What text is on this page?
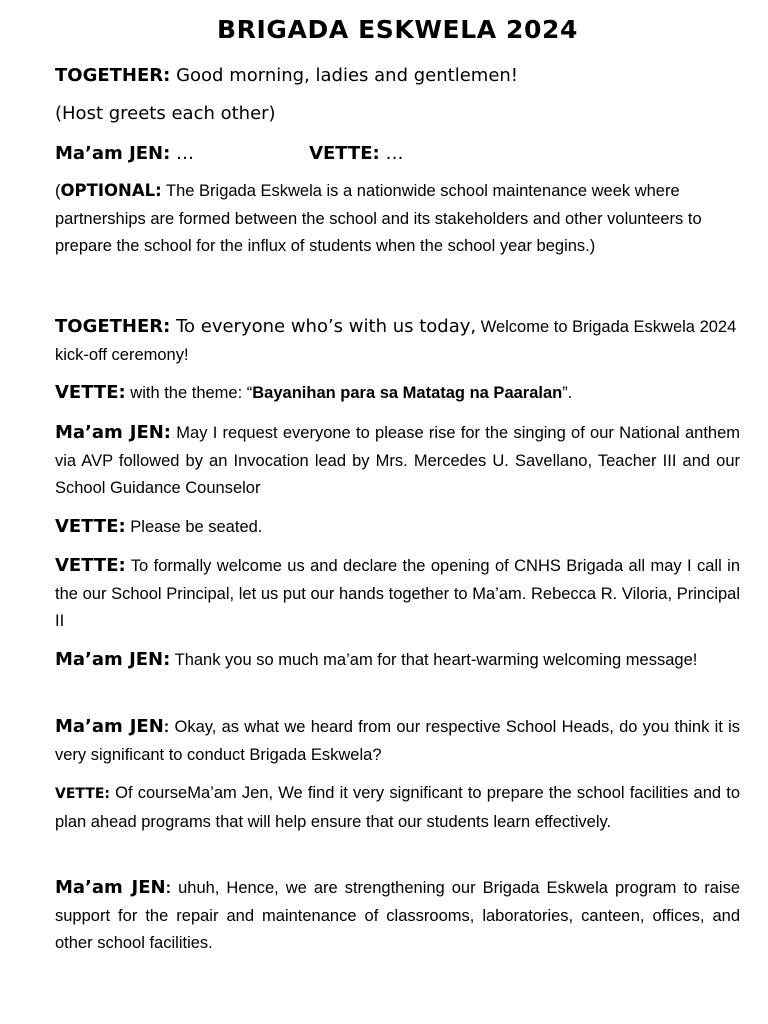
BRIGADA ESKWELA 2024

TOGETHER: Good morning, ladies and gentlemen!

(Host greets each other)

Ma’am JEN: …	VETTE: …

(OPTIONAL: The Brigada Eskwela is a nationwide school maintenance week where partnerships are formed between the school and its stakeholders and other volunteers to prepare the school for the influx of students when the school year begins.)

TOGETHER: To everyone who’s with us today, Welcome to Brigada Eskwela 2024 kick-off ceremony!

VETTE: with the theme: “Bayanihan para sa Matatag na Paaralan”.

Ma’am JEN: May I request everyone to please rise for the singing of our National anthem via AVP followed by an Invocation lead by Mrs. Mercedes U. Savellano, Teacher III and our School Guidance Counselor

VETTE: Please be seated.

VETTE: To formally welcome us and declare the opening of CNHS Brigada all may I call in the our School Principal, let us put our hands together to Ma’am. Rebecca R. Viloria, Principal II

Ma’am JEN: Thank you so much ma’am for that heart-warming welcoming message!

Ma’am JEN: Okay, as what we heard from our respective School Heads, do you think it is very significant to conduct Brigada Eskwela?

VETTE: Of courseMa’am Jen, We find it very significant to prepare the school facilities and to plan ahead programs that will help ensure that our students learn effectively.

Ma’am JEN: uhuh, Hence, we are strengthening our Brigada Eskwela program to raise support for the repair and maintenance of classrooms, laboratories, canteen, offices, and other school facilities.
